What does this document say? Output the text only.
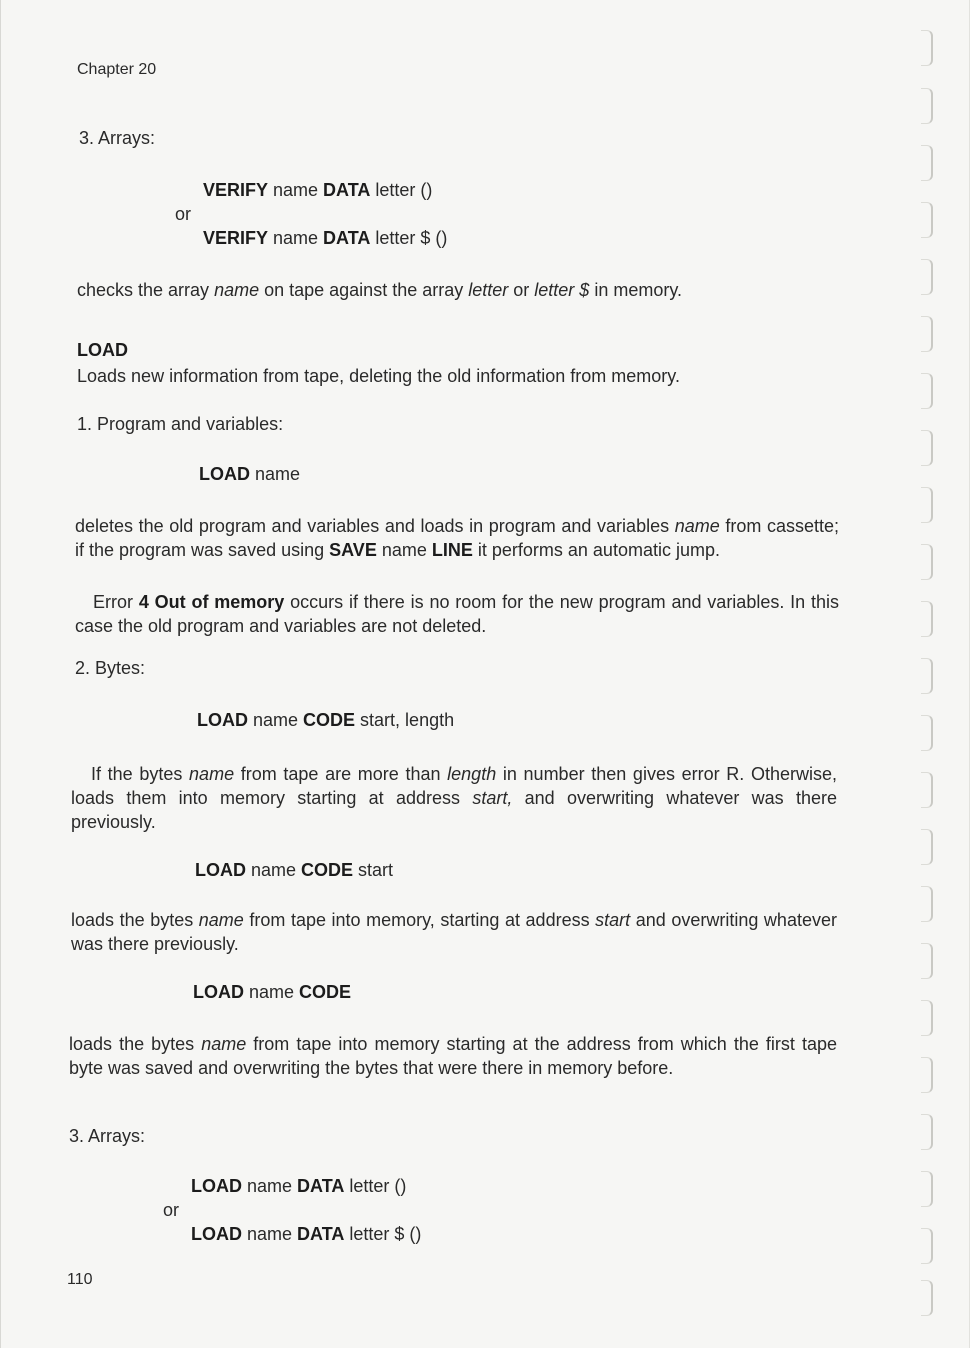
Chapter 20
3. Arrays:
VERIFY name DATA letter ()
or
VERIFY name DATA letter $ ()
checks the array name on tape against the array letter or letter $ in memory.
LOAD
Loads new information from tape, deleting the old information from memory.
1. Program and variables:
LOAD name
deletes the old program and variables and loads in program and variables name from cassette; if the program was saved using SAVE name LINE it performs an automatic jump.
Error 4 Out of memory occurs if there is no room for the new program and variables. In this case the old program and variables are not deleted.
2. Bytes:
LOAD name CODE start, length
If the bytes name from tape are more than length in number then gives error R. Otherwise, loads them into memory starting at address start, and overwriting whatever was there previously.
LOAD name CODE start
loads the bytes name from tape into memory, starting at address start and overwriting whatever was there previously.
LOAD name CODE
loads the bytes name from tape into memory starting at the address from which the first tape byte was saved and overwriting the bytes that were there in memory before.
3. Arrays:
LOAD name DATA letter ()
or
LOAD name DATA letter $ ()
110
